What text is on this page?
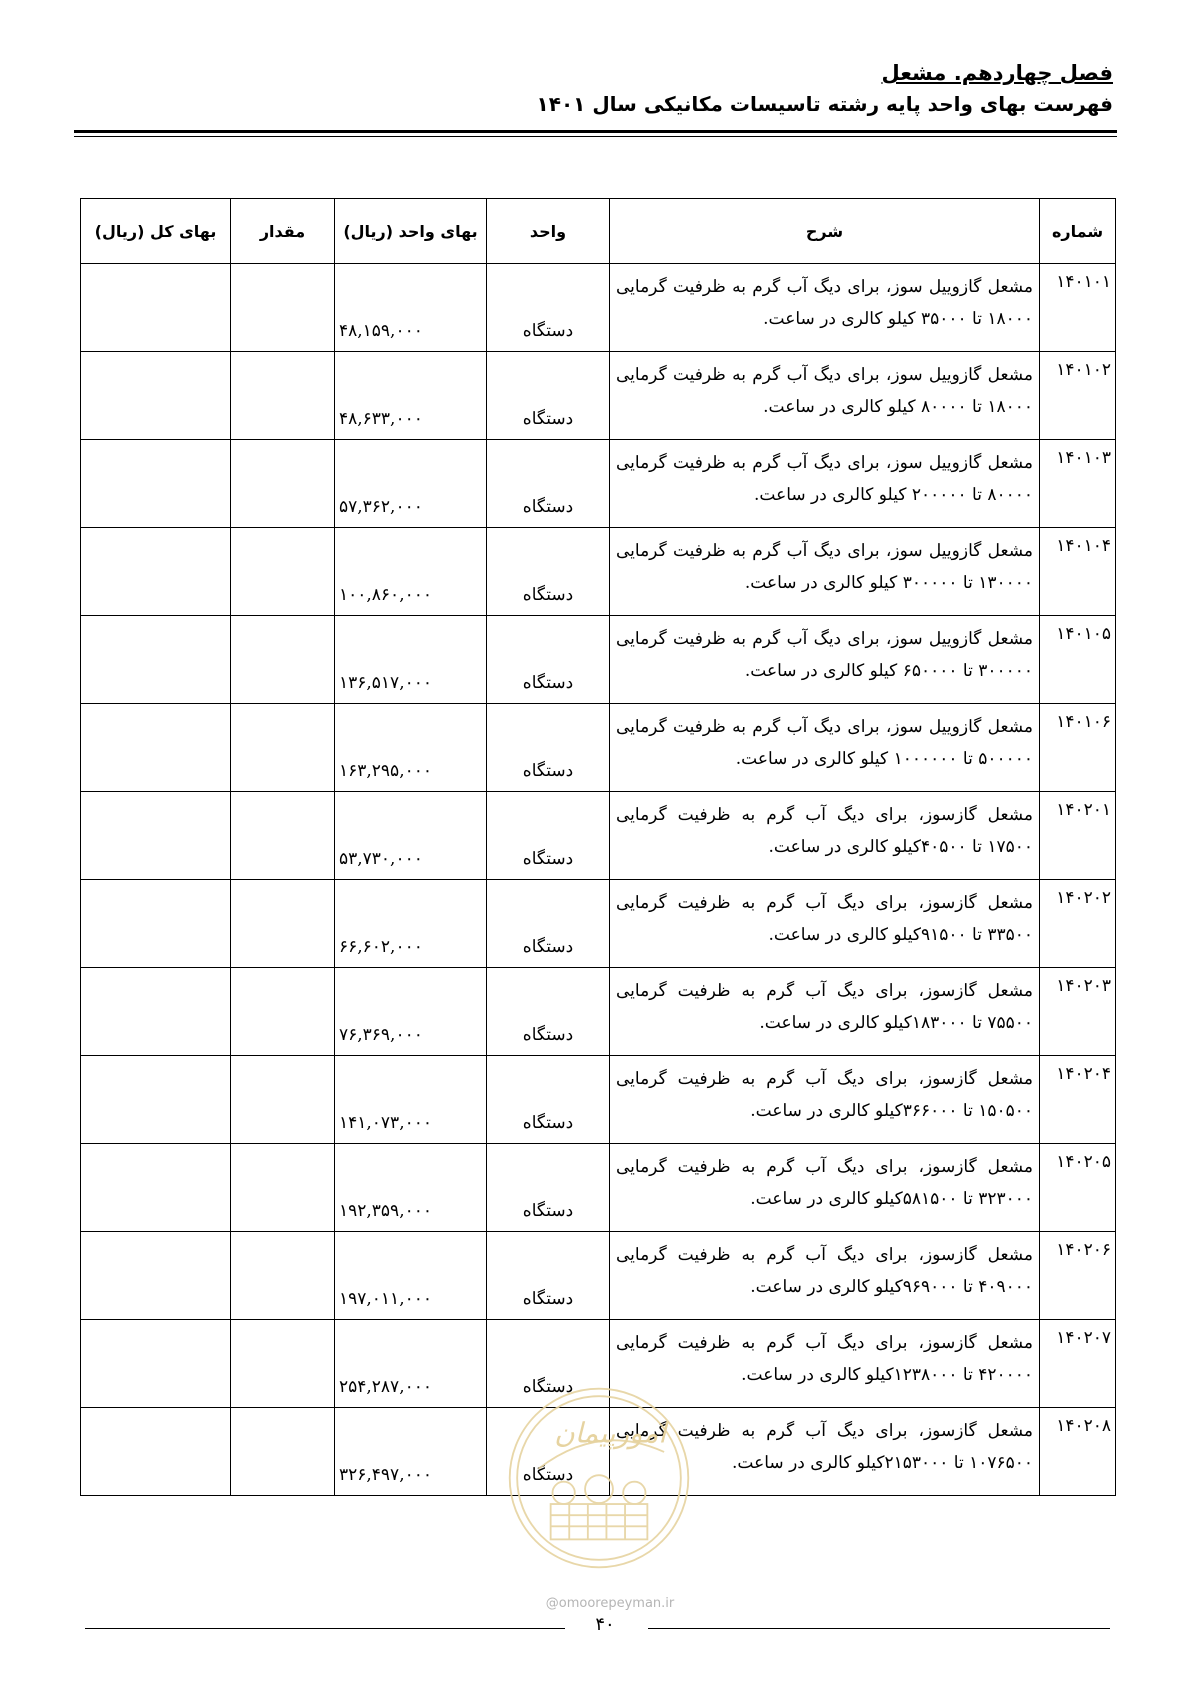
فصل چهاردهم. مشعل
فهرست بهای واحد پایه رشته تاسیسات مکانیکی سال ۱۴۰۱
شماره	شرح	واحد	بهای واحد (ریال)	مقدار	بهای کل (ریال)
۱۴۰۱۰۱	مشعل گازوییل سوز، برای دیگ آب گرم به ظرفیت گرمایی ۱۸۰۰۰ تا ۳۵۰۰۰ کیلو کالری در ساعت.	دستگاه	۴۸,۱۵۹,۰۰۰		
۱۴۰۱۰۲	مشعل گازوییل سوز، برای دیگ آب گرم به ظرفیت گرمایی ۱۸۰۰۰ تا ۸۰۰۰۰ کیلو کالری در ساعت.	دستگاه	۴۸,۶۳۳,۰۰۰		
۱۴۰۱۰۳	مشعل گازوییل سوز، برای دیگ آب گرم به ظرفیت گرمایی ۸۰۰۰۰ تا ۲۰۰۰۰۰ کیلو کالری در ساعت.	دستگاه	۵۷,۳۶۲,۰۰۰		
۱۴۰۱۰۴	مشعل گازوییل سوز، برای دیگ آب گرم به ظرفیت گرمایی ۱۳۰۰۰۰ تا ۳۰۰۰۰۰ کیلو کالری در ساعت.	دستگاه	۱۰۰,۸۶۰,۰۰۰		
۱۴۰۱۰۵	مشعل گازوییل سوز، برای دیگ آب گرم به ظرفیت گرمایی ۳۰۰۰۰۰ تا ۶۵۰۰۰۰ کیلو کالری در ساعت.	دستگاه	۱۳۶,۵۱۷,۰۰۰		
۱۴۰۱۰۶	مشعل گازوییل سوز، برای دیگ آب گرم به ظرفیت گرمایی ۵۰۰۰۰۰ تا ۱۰۰۰۰۰۰ کیلو کالری در ساعت.	دستگاه	۱۶۳,۲۹۵,۰۰۰		
۱۴۰۲۰۱	مشعل گازسوز، برای دیگ آب گرم به ظرفیت گرمایی ۱۷۵۰۰ تا ۴۰۵۰۰کیلو کالری در ساعت.	دستگاه	۵۳,۷۳۰,۰۰۰		
۱۴۰۲۰۲	مشعل گازسوز، برای دیگ آب گرم به ظرفیت گرمایی ۳۳۵۰۰ تا ۹۱۵۰۰کیلو کالری در ساعت.	دستگاه	۶۶,۶۰۲,۰۰۰		
۱۴۰۲۰۳	مشعل گازسوز، برای دیگ آب گرم به ظرفیت گرمایی ۷۵۵۰۰ تا ۱۸۳۰۰۰کیلو کالری در ساعت.	دستگاه	۷۶,۳۶۹,۰۰۰		
۱۴۰۲۰۴	مشعل گازسوز، برای دیگ آب گرم به ظرفیت گرمایی ۱۵۰۵۰۰ تا ۳۶۶۰۰۰کیلو کالری در ساعت.	دستگاه	۱۴۱,۰۷۳,۰۰۰		
۱۴۰۲۰۵	مشعل گازسوز، برای دیگ آب گرم به ظرفیت گرمایی ۳۲۳۰۰۰ تا ۵۸۱۵۰۰کیلو کالری در ساعت.	دستگاه	۱۹۲,۳۵۹,۰۰۰		
۱۴۰۲۰۶	مشعل گازسوز، برای دیگ آب گرم به ظرفیت گرمایی ۴۰۹۰۰۰ تا ۹۶۹۰۰۰کیلو کالری در ساعت.	دستگاه	۱۹۷,۰۱۱,۰۰۰		
۱۴۰۲۰۷	مشعل گازسوز، برای دیگ آب گرم به ظرفیت گرمایی ۴۲۰۰۰۰ تا ۱۲۳۸۰۰۰کیلو کالری در ساعت.	دستگاه	۲۵۴,۲۸۷,۰۰۰		
۱۴۰۲۰۸	مشعل گازسوز، برای دیگ آب گرم به ظرفیت گرمایی ۱۰۷۶۵۰۰ تا ۲۱۵۳۰۰۰کیلو کالری در ساعت.	دستگاه	۳۲۶,۴۹۷,۰۰۰		
امورپیمان
@omoorepeyman.ir
۴۰
